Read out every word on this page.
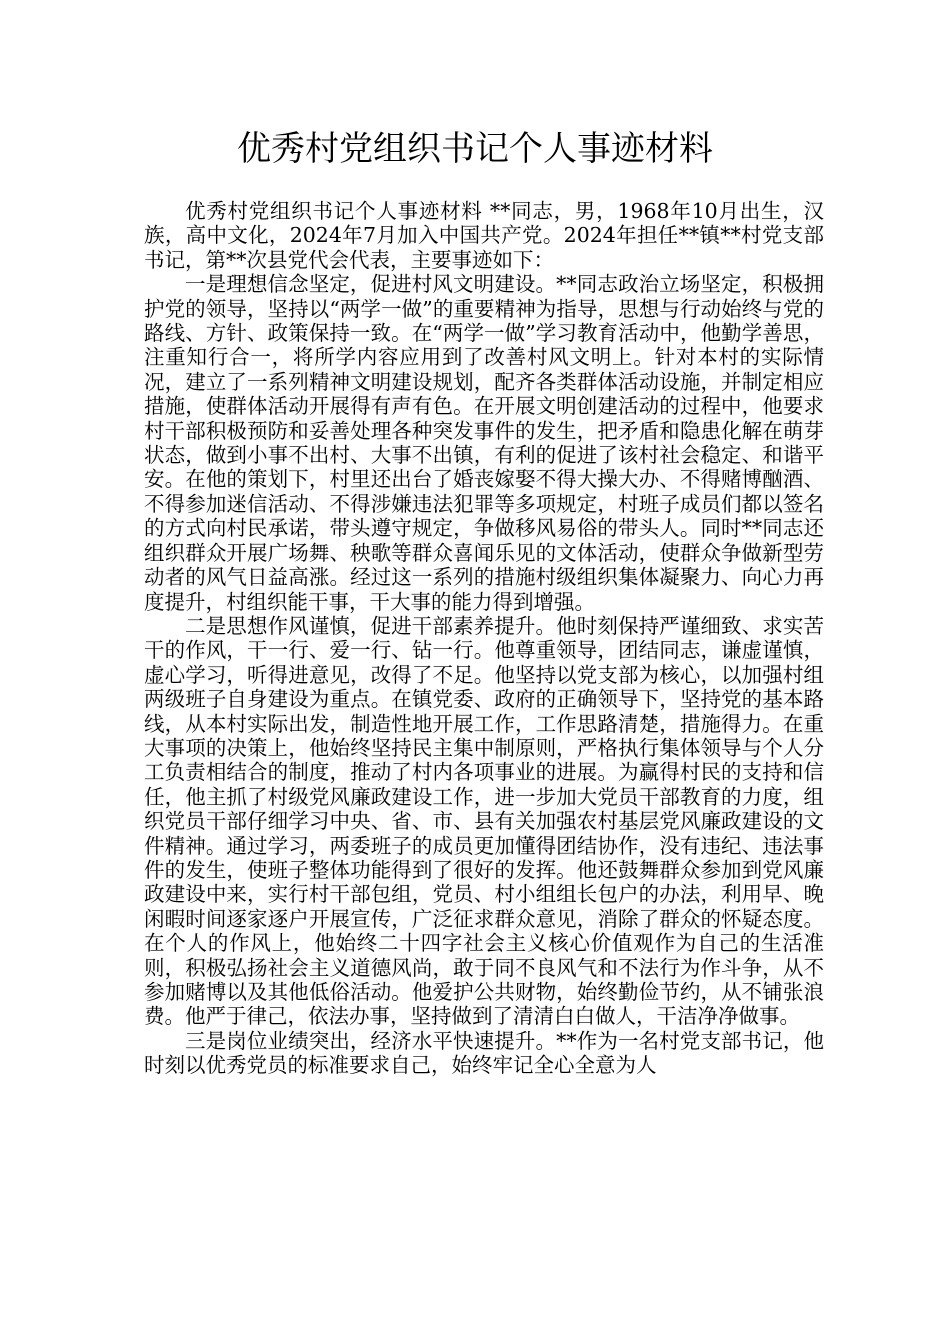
优秀村党组织书记个人事迹材料

优秀村党组织书记个人事迹材料 **同志，男，1968年10月出生，汉族，高中文化，2024年7月加入中国共产党。2024年担任**镇**村党支部书记，第**次县党代会代表，主要事迹如下：

一是理想信念坚定，促进村风文明建设。**同志政治立场坚定，积极拥护党的领导，坚持以“两学一做”的重要精神为指导，思想与行动始终与党的路线、方针、政策保持一致。在“两学一做”学习教育活动中，他勤学善思，注重知行合一，将所学内容应用到了改善村风文明上。针对本村的实际情况，建立了一系列精神文明建设规划，配齐各类群体活动设施，并制定相应措施，使群体活动开展得有声有色。在开展文明创建活动的过程中，他要求村干部积极预防和妥善处理各种突发事件的发生，把矛盾和隐患化解在萌芽状态，做到小事不出村、大事不出镇，有利的促进了该村社会稳定、和谐平安。在他的策划下，村里还出台了婚丧嫁娶不得大操大办、不得赌博酗酒、不得参加迷信活动、不得涉嫌违法犯罪等多项规定，村班子成员们都以签名的方式向村民承诺，带头遵守规定，争做移风易俗的带头人。同时**同志还组织群众开展广场舞、秧歌等群众喜闻乐见的文体活动，使群众争做新型劳动者的风气日益高涨。经过这一系列的措施村级组织集体凝聚力、向心力再度提升，村组织能干事，干大事的能力得到增强。

二是思想作风谨慎，促进干部素养提升。他时刻保持严谨细致、求实苦干的作风，干一行、爱一行、钻一行。他尊重领导，团结同志，谦虚谨慎，虚心学习，听得进意见，改得了不足。他坚持以党支部为核心，以加强村组两级班子自身建设为重点。在镇党委、政府的正确领导下，坚持党的基本路线，从本村实际出发，制造性地开展工作，工作思路清楚，措施得力。在重大事项的决策上，他始终坚持民主集中制原则，严格执行集体领导与个人分工负责相结合的制度，推动了村内各项事业的进展。为赢得村民的支持和信任，他主抓了村级党风廉政建设工作，进一步加大党员干部教育的力度，组织党员干部仔细学习中央、省、市、县有关加强农村基层党风廉政建设的文件精神。通过学习，两委班子的成员更加懂得团结协作，没有违纪、违法事件的发生，使班子整体功能得到了很好的发挥。他还鼓舞群众参加到党风廉政建设中来，实行村干部包组，党员、村小组组长包户的办法，利用早、晚闲暇时间逐家逐户开展宣传，广泛征求群众意见，消除了群众的怀疑态度。在个人的作风上，他始终二十四字社会主义核心价值观作为自己的生活准则，积极弘扬社会主义道德风尚，敢于同不良风气和不法行为作斗争，从不参加赌博以及其他低俗活动。他爱护公共财物，始终勤俭节约，从不铺张浪费。他严于律己，依法办事，坚持做到了清清白白做人，干洁净净做事。

三是岗位业绩突出，经济水平快速提升。**作为一名村党支部书记，他时刻以优秀党员的标准要求自己，始终牢记全心全意为人
